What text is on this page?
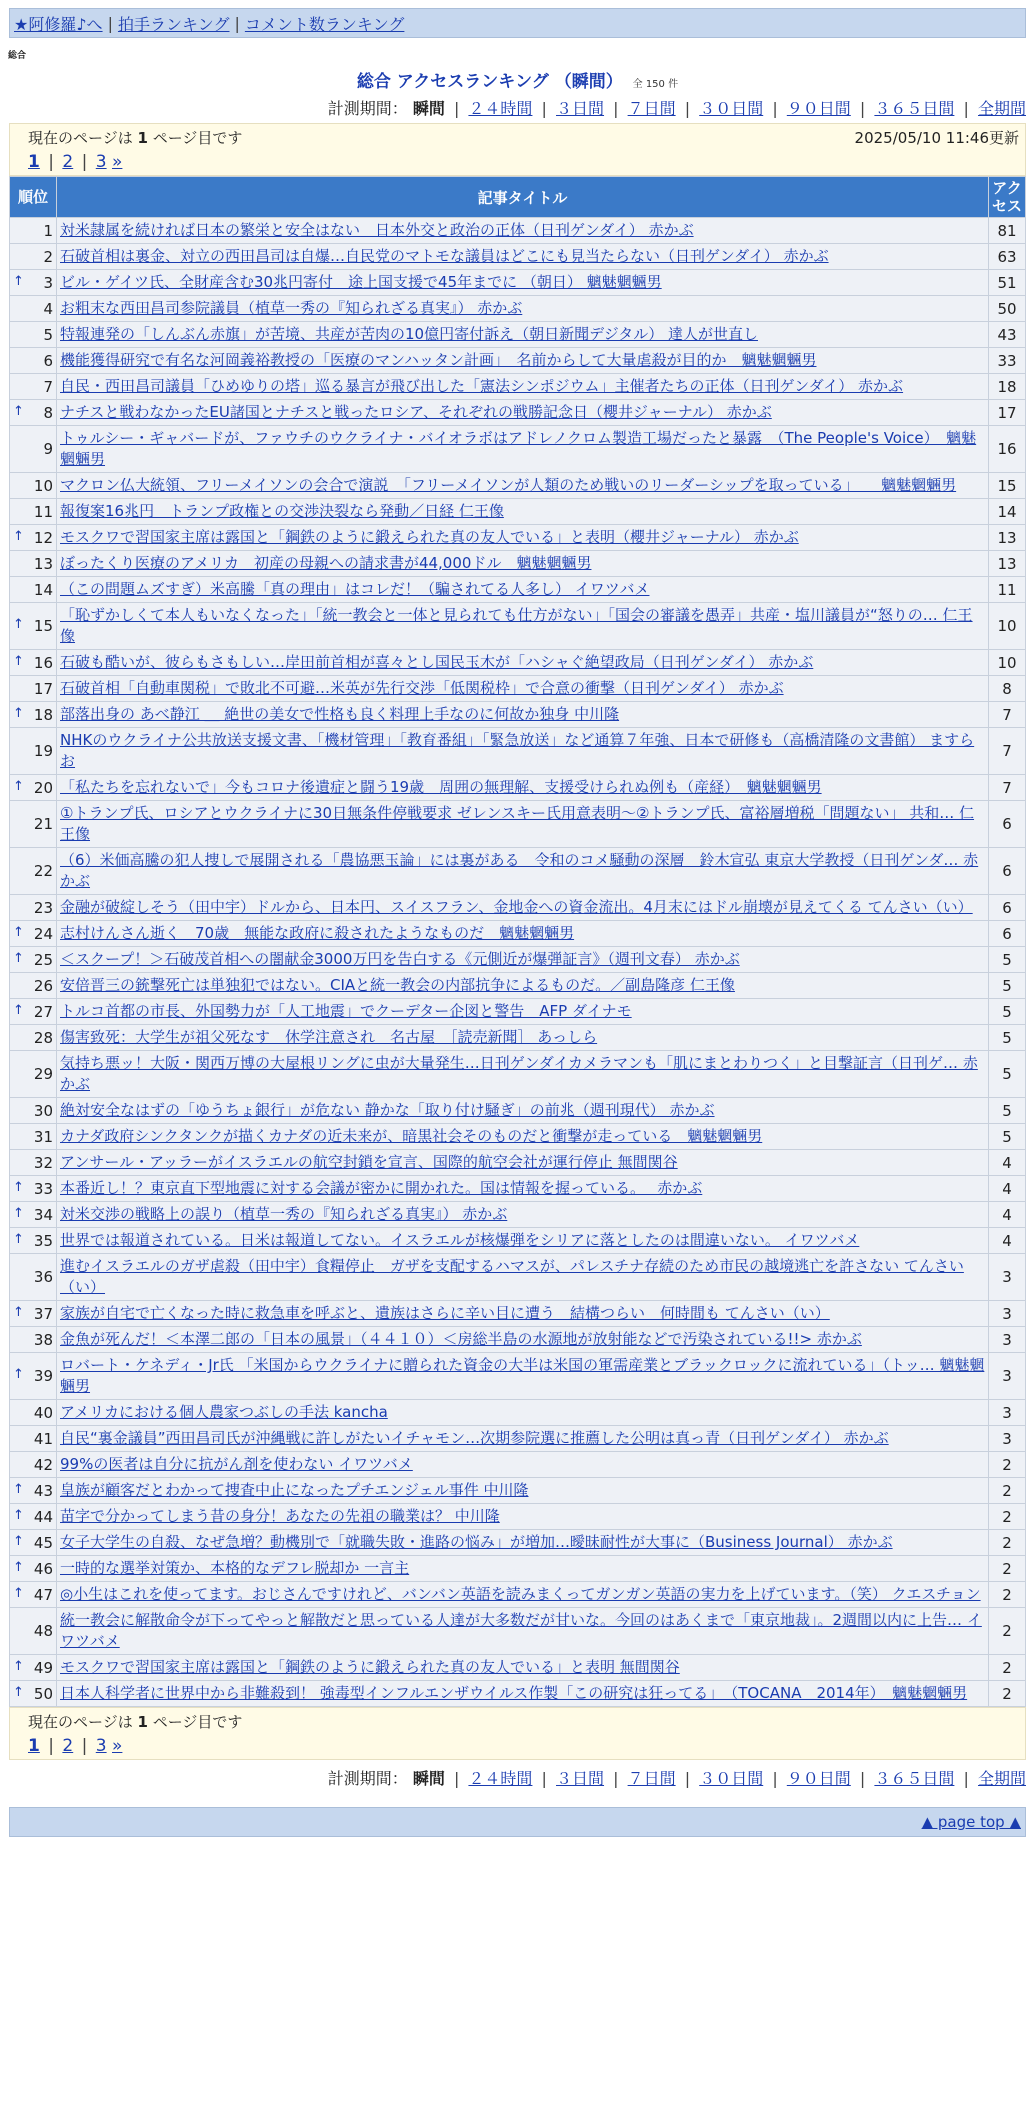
★阿修羅♪へ | 拍手ランキング | コメント数ランキング
総合
総合 アクセスランキング （瞬間） 全 150 件
計測期間： 瞬間 | ２４時間 | ３日間 | ７日間 | ３０日間 | ９０日間 | ３６５日間 | 全期間
現在のページは 1 ページ目です	2025/05/10 11:46更新
1 | 2 | 3 »
順位	記事タイトル	アクセス
1	対米隷属を続ければ日本の繁栄と安全はない　日本外交と政治の正体（日刊ゲンダイ） 赤かぶ	81
2	石破首相は裏金、対立の西田昌司は自爆…自民党のマトモな議員はどこにも見当たらない（日刊ゲンダイ） 赤かぶ	63

↑ 3	ビル・ゲイツ氏、全財産含む30兆円寄付　途上国支援で45年までに （朝日） 魑魅魍魎男	51
4	お粗末な西田昌司参院議員（植草一秀の『知られざる真実』） 赤かぶ	50
5	特報連発の「しんぶん赤旗」が苦境、共産が苦肉の10億円寄付訴え（朝日新聞デジタル） 達人が世直し	43
6	機能獲得研究で有名な河岡義裕教授の「医療のマンハッタン計画」　名前からして大量虐殺が目的か　魑魅魍魎男	33
7	自民・西田昌司議員「ひめゆりの塔」巡る暴言が飛び出した「憲法シンポジウム」主催者たちの正体（日刊ゲンダイ） 赤かぶ	18

↑ 8	ナチスと戦わなかったEU諸国とナチスと戦ったロシア、それぞれの戦勝記念日（櫻井ジャーナル） 赤かぶ	17
9	トゥルシー・ギャバードが、ファウチのウクライナ・バイオラボはアドレノクロム製造工場だったと暴露　（The People's Voice）　魑魅魍魎男	16
10	マクロン仏大統領、フリーメイソンの会合で演説　「フリーメイソンが人類のため戦いのリーダーシップを取っている」　　魑魅魍魎男	15
11	報復案16兆円　トランプ政権との交渉決裂なら発動／日経 仁王像	14

↑ 12	モスクワで習国家主席は露国と「鋼鉄のように鍛えられた真の友人でいる」と表明（櫻井ジャーナル） 赤かぶ	13
13	ぼったくり医療のアメリカ　初産の母親への請求書が44,000ドル　魑魅魍魎男	13
14	（この問題ムズすぎ）米高騰「真の理由」はコレだ！（騙されてる人多し） イワツバメ	11

↑ 15	「恥ずかしくて本人もいなくなった」「統一教会と一体と見られても仕方がない」「国会の審議を愚弄」共産・塩川議員が“怒りの… 仁王像	10

↑ 16	石破も酷いが、彼らもさもしい…岸田前首相が喜々とし国民玉木が「ハシャぐ絶望政局（日刊ゲンダイ） 赤かぶ	10
17	石破首相「自動車関税」で敗北不可避…米英が先行交渉「低関税枠」で合意の衝撃（日刊ゲンダイ） 赤かぶ	8

↑ 18	部落出身の あべ静江 ＿ 絶世の美女で性格も良く料理上手なのに何故か独身 中川隆	7
19	NHKのウクライナ公共放送支援文書、「機材管理」「教育番組」「緊急放送」など通算７年強、日本で研修も（高橋清隆の文書館） ますらお	7

↑ 20	「私たちを忘れないで」今もコロナ後遺症と闘う19歳　周囲の無理解、支援受けられぬ例も（産経）　魑魅魍魎男	7
21	①トランプ氏、ロシアとウクライナに30日無条件停戦要求 ゼレンスキー氏用意表明〜②トランプ氏、富裕層増税「問題ない」 共和… 仁王像	6
22	（6）米価高騰の犯人捜しで展開される「農協悪玉論」には裏がある　令和のコメ騒動の深層　鈴木宣弘 東京大学教授（日刊ゲンダ… 赤かぶ	6
23	金融が破綻しそう（田中宇）ドルから、日本円、スイスフラン、金地金への資金流出。4月末にはドル崩壊が見えてくる てんさい（い）	6

↑ 24	志村けんさん逝く　70歳　無能な政府に殺されたようなものだ　魑魅魍魎男	6

↑ 25	＜スクープ！＞石破茂首相への闇献金3000万円を告白する《元側近が爆弾証言》（週刊文春） 赤かぶ	5
26	安倍晋三の銃撃死亡は単独犯ではない。CIAと統一教会の内部抗争によるものだ。／副島隆彦 仁王像	5

↑ 27	トルコ首都の市長、外国勢力が「人工地震」でクーデター企図と警告　AFP ダイナモ	5
28	傷害致死：大学生が祖父死なす　休学注意され　名古屋　［読売新聞］ あっしら	5
29	気持ち悪ッ！大阪・関西万博の大屋根リングに虫が大量発生…日刊ゲンダイカメラマンも「肌にまとわりつく」と目撃証言（日刊ゲ… 赤かぶ	5
30	絶対安全なはずの「ゆうちょ銀行」が危ない 静かな「取り付け騒ぎ」の前兆（週刊現代） 赤かぶ	5
31	カナダ政府シンクタンクが描くカナダの近未来が、暗黒社会そのものだと衝撃が走っている　魑魅魍魎男	5
32	アンサール・アッラーがイスラエルの航空封鎖を宣言、国際的航空会社が運行停止 無間関谷	4

↑ 33	本番近し！？東京直下型地震に対する会議が密かに開かれた。国は情報を握っている。　 赤かぶ	4

↑ 34	対米交渉の戦略上の誤り（植草一秀の『知られざる真実』） 赤かぶ	4

↑ 35	世界では報道されている。日米は報道してない。イスラエルが核爆弾をシリアに落としたのは間違いない。 イワツバメ	4
36	進むイスラエルのガザ虐殺（田中宇）食糧停止　ガザを支配するハマスが、パレスチナ存続のため市民の越境逃亡を許さない てんさい（い）	3

↑ 37	家族が自宅で亡くなった時に救急車を呼ぶと、遺族はさらに辛い目に遭う　結構つらい　何時間も てんさい（い）	3
38	金魚が死んだ！＜本澤二郎の「日本の風景」（４４１０）＜房総半島の水源地が放射能などで汚染されている!!> 赤かぶ	3

↑ 39	ロバート・ケネディ・Jr氏 「米国からウクライナに贈られた資金の大半は米国の軍需産業とブラックロックに流れている」（トッ… 魑魅魍魎男	3
40	アメリカにおける個人農家つぶしの手法 kancha	3
41	自民“裏金議員”西田昌司氏が沖縄戦に許しがたいイチャモン…次期参院選に推薦した公明は真っ青（日刊ゲンダイ） 赤かぶ	3
42	99%の医者は自分に抗がん剤を使わない イワツバメ	2

↑ 43	皇族が顧客だとわかって捜査中止になったプチエンジェル事件 中川隆	2

↑ 44	苗字で分かってしまう昔の身分！あなたの先祖の職業は？ 中川隆	2

↑ 45	女子大学生の自殺、なぜ急増？動機別で「就職失敗・進路の悩み」が増加…曖昧耐性が大事に（Business Journal） 赤かぶ	2

↑ 46	一時的な選挙対策か、本格的なデフレ脱却か 一言主	2

↑ 47	◎小生はこれを使ってます。おじさんですけれど、バンバン英語を読みまくってガンガン英語の実力を上げています。（笑） クエスチョン	2
48	統一教会に解散命令が下ってやっと解散だと思っている人達が大多数だが甘いな。今回のはあくまで「東京地裁」。2週間以内に上告… イワツバメ	2

↑ 49	モスクワで習国家主席は露国と「鋼鉄のように鍛えられた真の友人でいる」と表明 無間関谷	2

↑ 50	日本人科学者に世界中から非難殺到！ 強毒型インフルエンザウイルス作製「この研究は狂ってる」　（TOCANA　2014年）　魑魅魍魎男	2
現在のページは 1 ページ目です
1 | 2 | 3 »
計測期間： 瞬間 | ２４時間 | ３日間 | ７日間 | ３０日間 | ９０日間 | ３６５日間 | 全期間
▲ page top ▲
